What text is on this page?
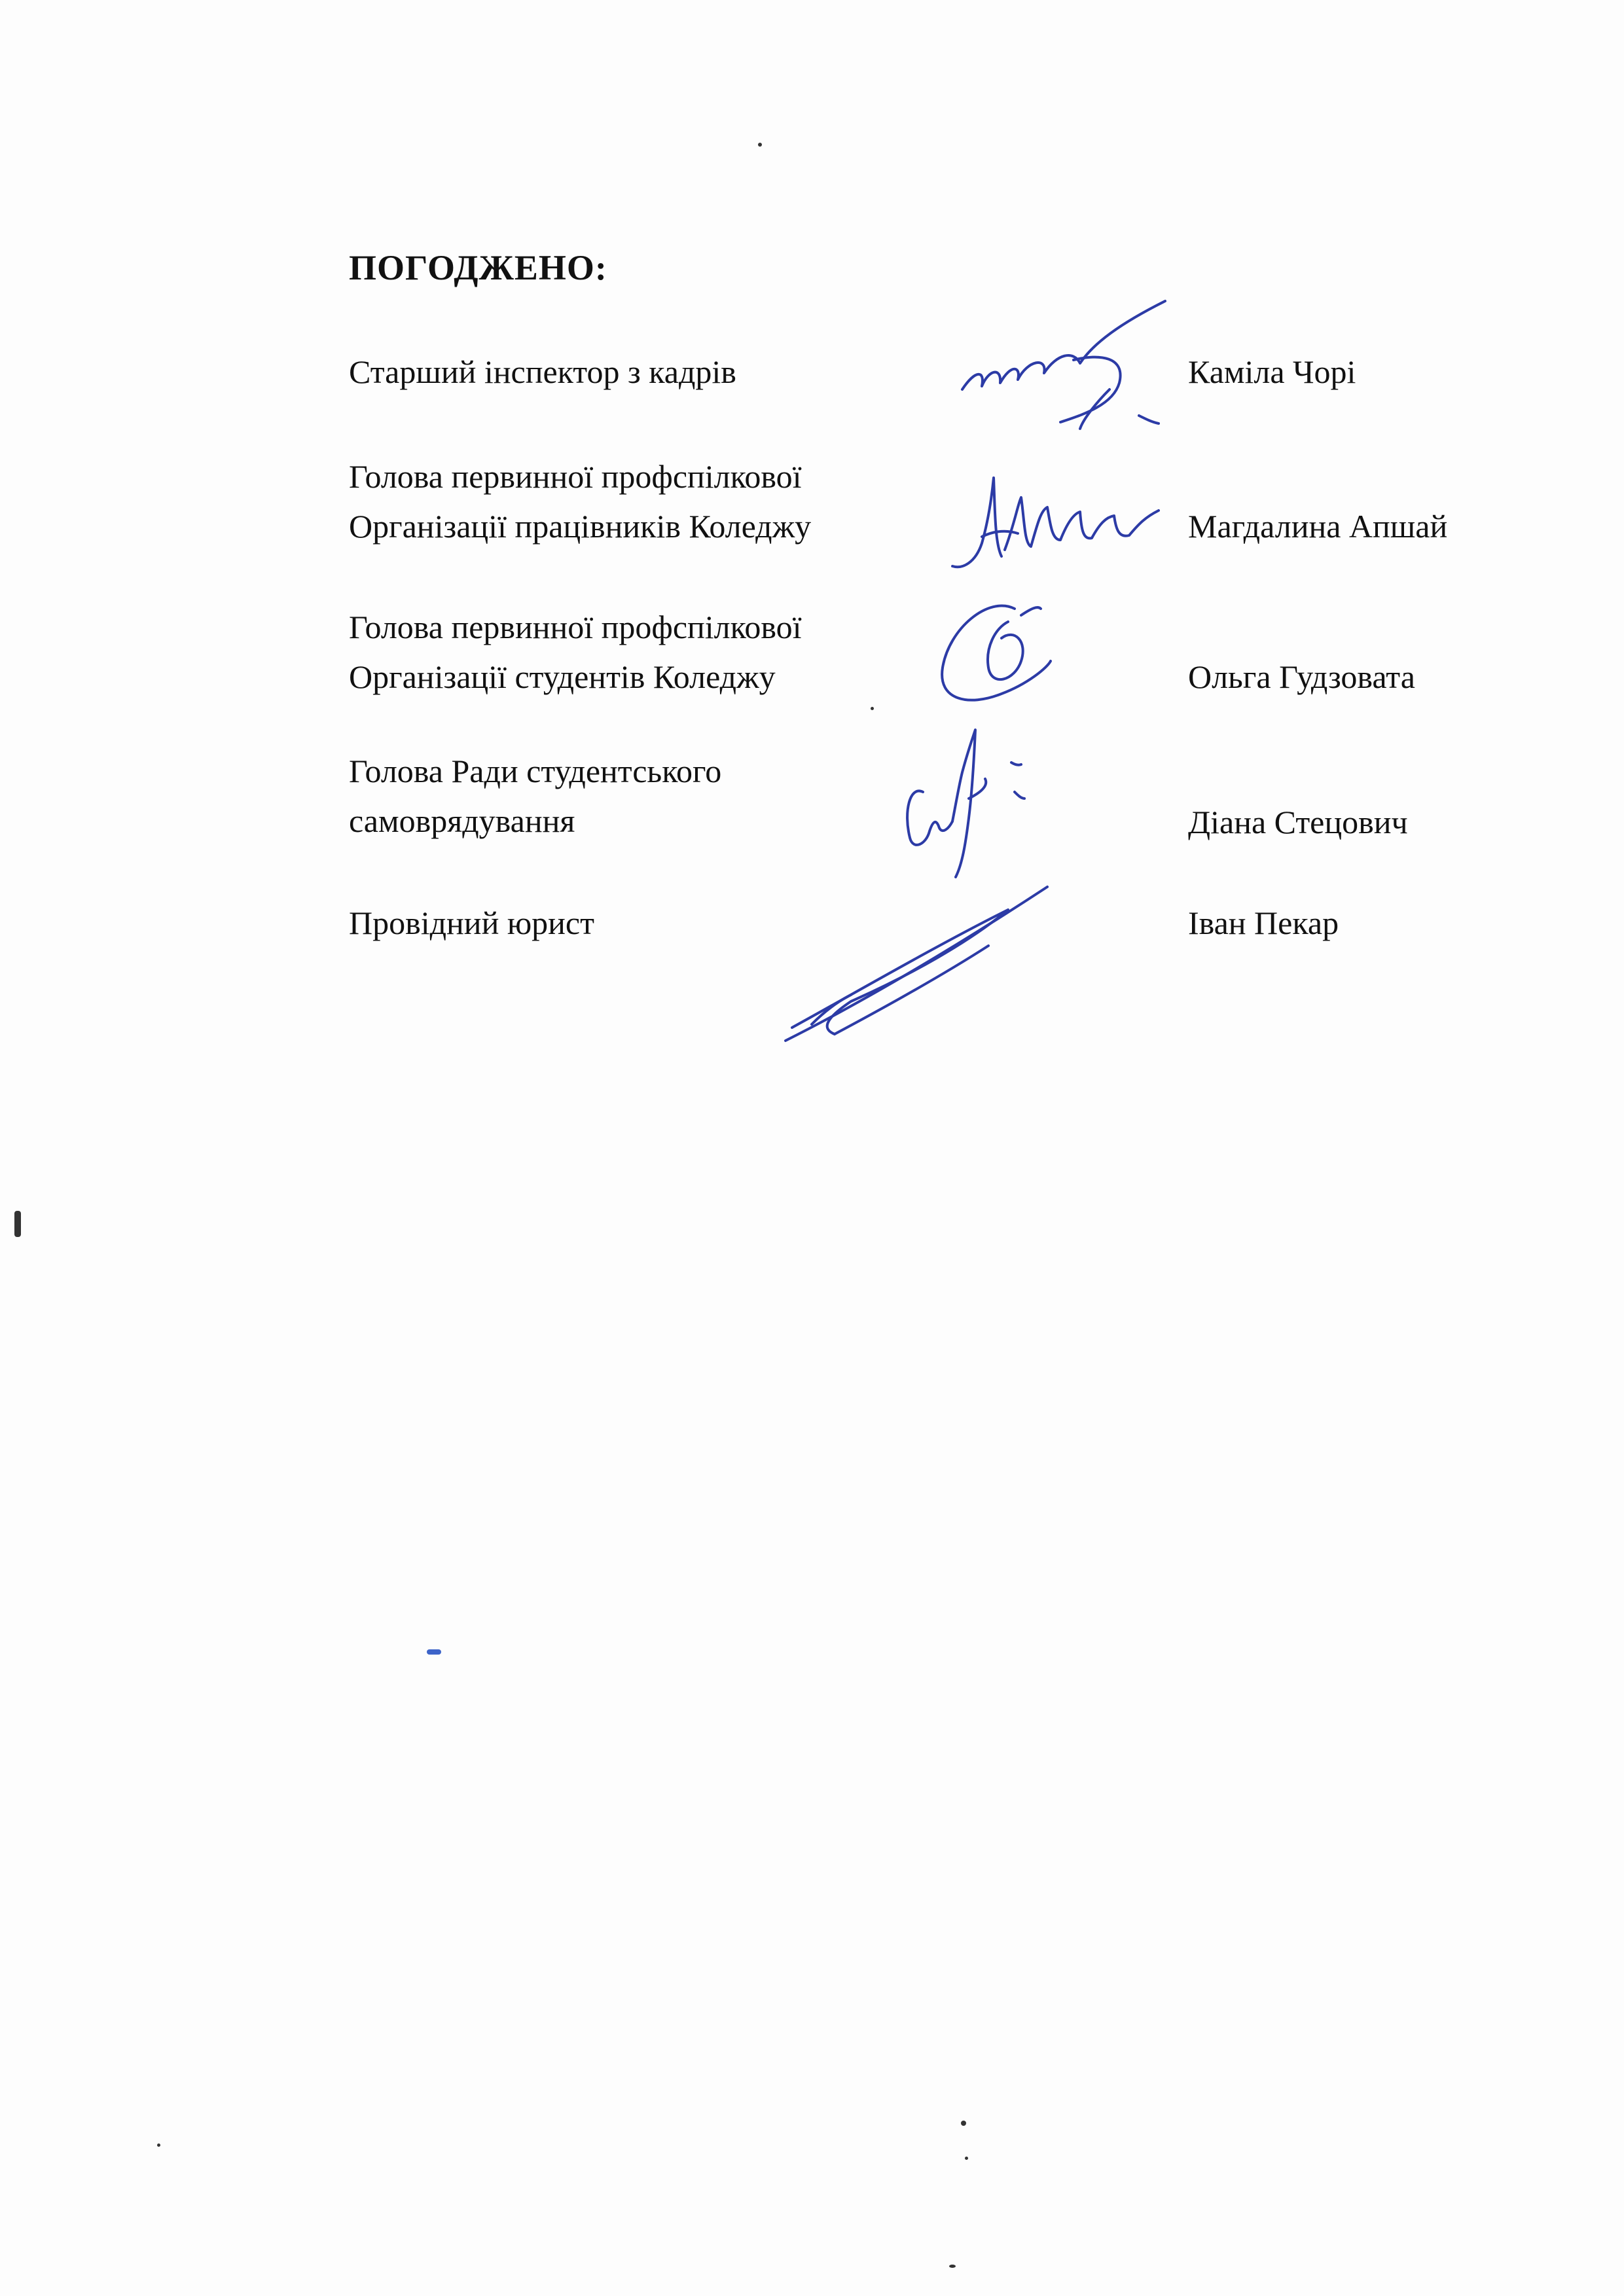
ПОГОДЖЕНО:
Старший інспектор з кадрів	Каміла Чорі
Голова первинної профспілкової
Організації працівників Коледжу	Магдалина Апшай
Голова первинної профспілкової
Організації студентів Коледжу	Ольга Гудзовата
Голова Ради студентського
самоврядування	Діана Стецович
Провідний юрист	Іван Пекар
